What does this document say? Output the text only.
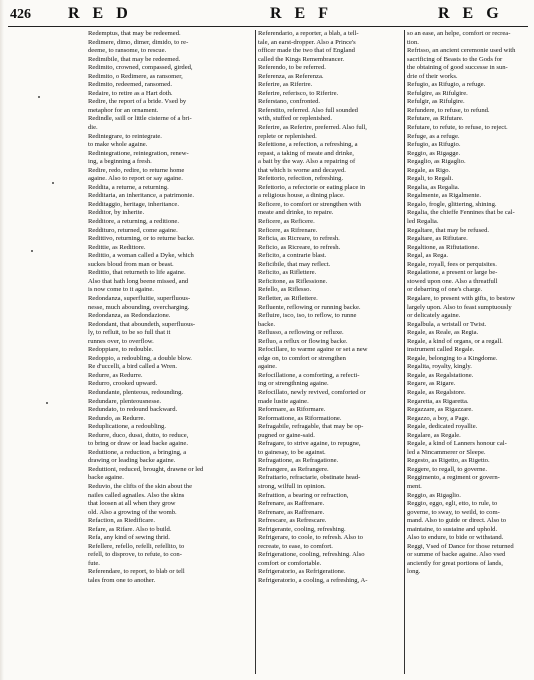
426 RED	REF	REG
Redemptus, that may be redeemed.
Redimere, dimo, dimer, dimido, to re-
deeme, to ransome, to rescue.
Redimibile, that may be redeemed.
Redimito, crowned, compassed, girded,
Redimito, o Redimere, as ransomer,
Redimito, redeemed, ransomed.
Redaire, to retire as a Hart doth.
Redire, the report of a bride. Vsed by
metaphor for an ornament.
Redindle, ssill or little cisterne of a bri-
die.
Redintegrare, to reintegrate.
to make whole againe.
Redintegratione, reintegration, renew-
ing, a beginning a fresh.
Redire, redo, redire, to returne home
againe. Also to report or say againe.
Reddita, a returne, a returning.
Redditaria, an inheritance, a patrimonie.
Redditaggio, heritage, inheritance.
Redditor, by inherite.
Redditore, a returning, a reditione.
Reddituro, returned, come againe.
Redittivo, returning, or to returne backe.
Redittie, as Redittore.
Redittio, a woman called a Dyke, which
suckes bloud from man or beast.
Redittio, that returneth to life againe.
Also that hath long beene missed, and
is now come to it againe.
Redondanza, superfluitie, superfluous-
nesse, much abounding, overcharging.
Redondanza, as Redondazione.
Redondant, that aboundeth, superfluous-
ly, to refluit, to be so full that it
runnes over, to overflow.
Redoppiare, to redouble.
Redoppio, a redoubling, a double blow.
Re d'uccelli, a bird called a Wren.
Redurre, as Redurre.
Redurro, crooked upward.
Redundante, plenteous, redounding.
Redundare, plenteousnesse.
Redundato, to redound backward.
Redundo, as Redurre.
Reduplicatione, a redoubling.
Redurre, duco, dussi, dutto, to reduce,
to bring or draw or lead backe againe.
Reduttione, a reduction, a bringing, a
drawing or leading backe againe.
Reduttioni, reduced, brought, drawne or led
backe againe.
Reduvio, the clifts of the skin about the
nailes called agnailes. Also the skins
that loosen at all when they grow
old. Also a growing of the womb.
Refaction, as Riedificare.
Refare, as Rifare. Also to build.
Refa, any kind of sewing thrid.
Refellere, refello, refelli, refellito, to
refell, to disprove, to refute, to con-
fute.
Referendare, to report, to blab or tell
tales from one to another.
Referendario, a reporter, a blab, a tell-
tale, an earst-dropper. Also a Prince's
officer made the two that of England
called the Kings Remembrancer.
Referendo, to be referred.
Referenza, as Referenza.
Referire, as Riferire.
Referire, referisco, to Riferire.
Referstano, confronted.
Referstito, referred. Also full sounded
with, stuffed or replenished.
Referire, as Referire, preferred. Also full,
replete or replenished.
Refettione, a refection, a refreshing, a
repast, a taking of meate and drinke,
a bait by the way. Also a repairing of
that which is worne and decayed.
Refettorio, refection, refreshing.
Refettorio, a refectorie or eating place in
a religious house, a dining place.
Reficere, to comfort or strengthen with
meate and drinke, to repaire.
Reficere, as Reficere.
Reficere, as Rifrenare.
Reficia, as Ricreare, to refresh.
Reficio, as Ricreare, to refresh.
Reficito, a contrarie blast.
Reficibile, that may reflect.
Reficito, as Riflettere.
Reficitone, as Riflessione.
Refello, as Riflesso.
Refletter, as Riflettere.
Refluente, reflowing or running backe.
Refluire, isco, iso, to reflow, to runne
backe.
Reflusso, a reflowing or refluxe.
Refluo, a reflux or flowing backe.
Refocillare, to warme againe or set a new
edge on, to comfort or strengthen
againe.
Refocillatione, a comforting, a refecti-
ing or strengthning againe.
Refocillato, newly revived, comforted or
made lustie againe.
Reformare, as Riformare.
Reformatione, as Riformatione.
Refragabile, refragable, that may be op-
pugned or gaine-said.
Refragare, to strive againe, to repugne,
to gainesay, to be against.
Refragatione, as Refragatione.
Refrangere, as Refrangere.
Refrattario, refractarie, obstinate head-
strong, wilfull in opinion.
Refrattion, a bearing or refraction,
Refrenare, as Raffrenare.
Refrenare, as Raffrenare.
Refrescare, as Refrescare.
Refrigerante, cooling, refreshing.
Refrigerare, to coole, to refresh. Also to
recreate, to ease, to comfort.
Refrigeratione, cooling, refreshing. Also
comfort or comfortable.
Refrigeratorio, as Refrigeratione.
Refrigeratorio, a cooling, a refreshing, A-
so an ease, an helpe, comfort or recrea-
tion.
Refrisso, an ancient ceremonie used with
sacrificing of Beasts to the Gods for
the obtaining of good successe in sun-
drie of their works.
Refugio, as Rifugio, a refuge.
Refulgire, as Rifulgire.
Refulgir, as Rifulgire.
Refundere, to refuse, to refund.
Refutare, as Rifutare.
Refutare, to refute, to refuse, to reject.
Refuge, as a refuge.
Refugio, as Rifugio.
Reggio, as Rigagge.
Regaglio, as Rigaglio.
Regale, as Rigo.
Regali, to Regali.
Regalia, as Regalia.
Regalmente, as Rigalmente.
Regalo, frogle, glittering, shining.
Regalia, the chieffe Fennines that be cal-
led Regalia.
Regaltare, that may be refused.
Regaltare, as Rifiutare.
Regaltione, as Rifiutatione.
Regal, as Rega.
Regale, royall, fees or perquisites.
Regalatione, a present or large be-
stowed upon one. Also a threatfull
or debarring of one's charge.
Regalare, to present with gifts, to bestow
largely upon. Also to feast sumptuously
or delicately againe.
Regalbula, a wristall or Twist.
Regale, as Reale, as Regia.
Regale, a kind of organs, or a regall.
instrument called Regale.
Regale, belonging to a Kingdome.
Regalita, royalty, kingly.
Regale, as Regalstatione.
Regare, as Rigare.
Regale, as Regalstore.
Regaretta, as Rigaretta.
Regazzare, as Rigazzare.
Regazzo, a boy, a Page.
Regale, dedicated royallie.
Regalare, as Regale.
Regale, a kind of Lanners honour cal-
led a Nincammerer or Sleepe.
Regesto, as Rigetto, as Rigetto.
Reggere, to regall, to governe.
Reggimento, a regiment or govern-
ment.
Reggio, as Rigaglio.
Reggio, eggo, egli, etto, to rule, to
governe, to sway, to weild, to com-
mand. Also to guide or direct. Also to
maintaine, to sustaine and uphold.
Also to endure, to bide or withstand.
Reggi, Vsed of Dance for those returned
or summe of backe againe. Also vsed
anciently for great portions of lands,
long.
